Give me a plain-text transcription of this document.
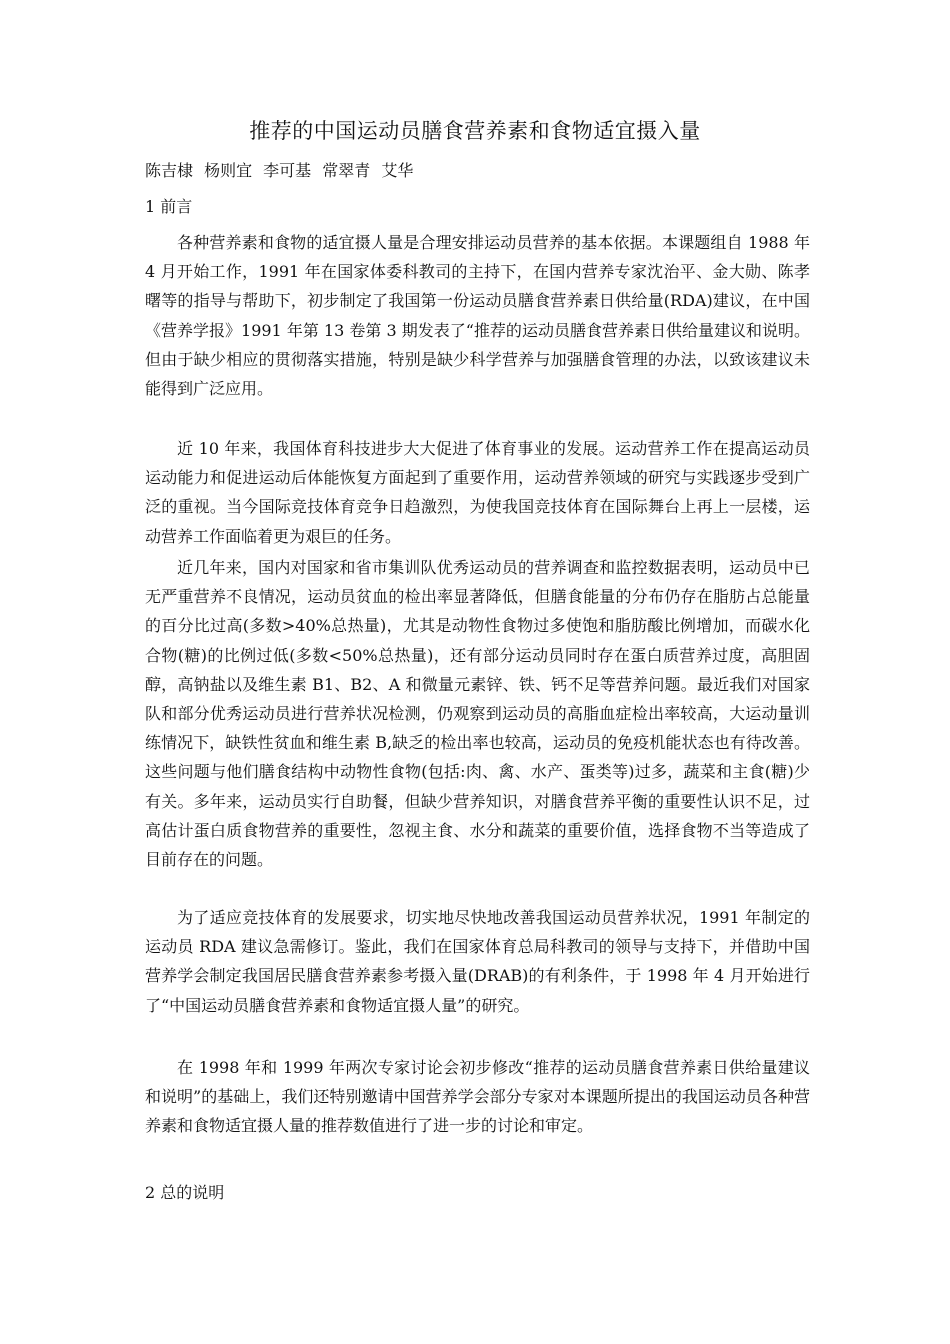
推荐的中国运动员膳食营养素和食物适宜摄入量
陈吉棣 杨则宜 李可基 常翠青 艾华
1 前言

各种营养素和食物的适宜摄人量是合理安排运动员营养的基本依据。本课题组自 1988 年 4 月开始工作，1991 年在国家体委科教司的主持下，在国内营养专家沈治平、金大勋、陈孝曙等的指导与帮助下，初步制定了我国第一份运动员膳食营养素日供给量(RDA)建议，在中国《营养学报》1991 年第 13 卷第 3 期发表了“推荐的运动员膳食营养素日供给量建议和说明。但由于缺少相应的贯彻落实措施，特别是缺少科学营养与加强膳食管理的办法，以致该建议未能得到广泛应用。

近 10 年来，我国体育科技进步大大促进了体育事业的发展。运动营养工作在提高运动员运动能力和促进运动后体能恢复方面起到了重要作用，运动营养领域的研究与实践逐步受到广泛的重视。当今国际竞技体育竞争日趋激烈，为使我国竞技体育在国际舞台上再上一层楼，运动营养工作面临着更为艰巨的任务。

近几年来，国内对国家和省市集训队优秀运动员的营养调查和监控数据表明，运动员中已无严重营养不良情况，运动员贫血的检出率显著降低，但膳食能量的分布仍存在脂肪占总能量的百分比过高(多数>40%总热量)，尤其是动物性食物过多使饱和脂肪酸比例增加，而碳水化合物(糖)的比例过低(多数<50%总热量)，还有部分运动员同时存在蛋白质营养过度，高胆固醇，高钠盐以及维生素 B1、B2、A 和微量元素锌、铁、钙不足等营养问题。最近我们对国家队和部分优秀运动员进行营养状况检测，仍观察到运动员的高脂血症检出率较高，大运动量训练情况下，缺铁性贫血和维生素 B,缺乏的检出率也较高，运动员的免疫机能状态也有待改善。这些问题与他们膳食结构中动物性食物(包括:肉、禽、水产、蛋类等)过多，蔬菜和主食(糖)少有关。多年来，运动员实行自助餐，但缺少营养知识，对膳食营养平衡的重要性认识不足，过高估计蛋白质食物营养的重要性，忽视主食、水分和蔬菜的重要价值，选择食物不当等造成了目前存在的问题。

为了适应竞技体育的发展要求，切实地尽快地改善我国运动员营养状况，1991 年制定的运动员 RDA 建议急需修订。鉴此，我们在国家体育总局科教司的领导与支持下，并借助中国营养学会制定我国居民膳食营养素参考摄入量(DRAB)的有利条件，于 1998 年 4 月开始进行了“中国运动员膳食营养素和食物适宜摄人量”的研究。

在 1998 年和 1999 年两次专家讨论会初步修改“推荐的运动员膳食营养素日供给量建议和说明”的基础上，我们还特别邀请中国营养学会部分专家对本课题所提出的我国运动员各种营养素和食物适宜摄人量的推荐数值进行了进一步的讨论和审定。

2 总的说明
